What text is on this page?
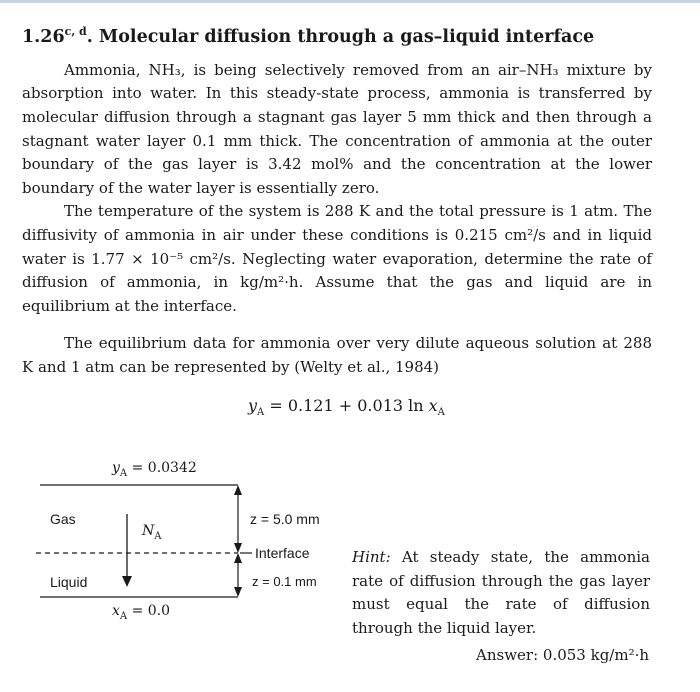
1.26$^{c, d}$. Molecular diffusion through a gas–liquid interface

Ammonia, NH₃, is being selectively removed from an air–NH₃ mixture by absorption into water. In this steady-state process, ammonia is transferred by molecular diffusion through a stagnant gas layer 5 mm thick and then through a stagnant water layer 0.1 mm thick. The concentration of ammonia at the outer boundary of the gas layer is 3.42 mol% and the concentration at the lower boundary of the water layer is essentially zero.

The temperature of the system is 288 K and the total pressure is 1 atm. The diffusivity of ammonia in air under these conditions is 0.215 cm²/s and in liquid water is 1.77 × 10⁻⁵ cm²/s. Neglecting water evaporation, determine the rate of diffusion of ammonia, in kg/m²·h. Assume that the gas and liquid are in equilibrium at the interface.

The equilibrium data for ammonia over very dilute aqueous solution at 288 K and 1 atm can be represented by (Welty et al., 1984)

$y_A = 0.121 + 0.013$ $\ln x_A$
$y_A = 0.0342$
Gas
Liquid
$N_A$
z = 5.0 mm
Interface
z = 0.1 mm
$x_A = 0.0$
Hint: At steady state, the ammonia rate of diffusion through the gas layer must equal the rate of diffusion through the liquid layer.
Answer: 0.053 kg/m²·h
